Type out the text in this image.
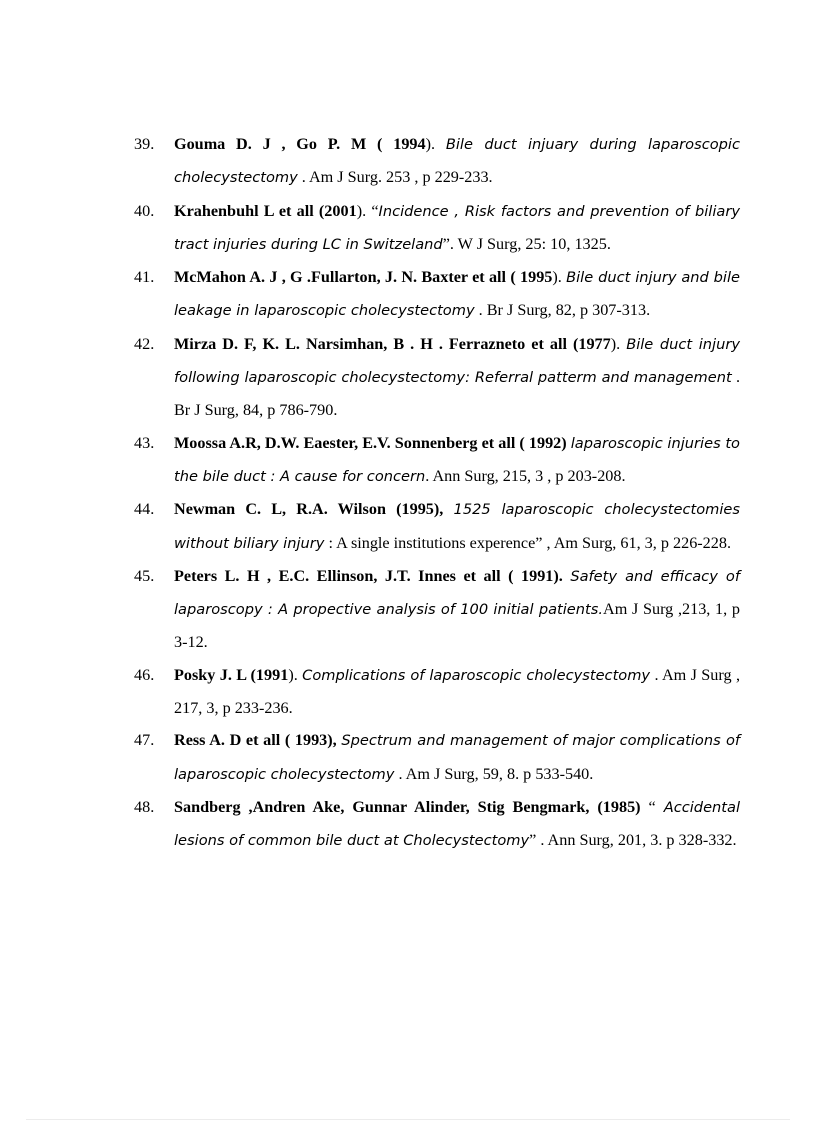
39.	Gouma D. J , Go P. M ( 1994). Bile duct injuary during laparoscopic cholecystectomy . Am J Surg. 253 , p 229-233.
40.	Krahenbuhl L et all (2001). “Incidence , Risk factors and prevention of biliary tract injuries during LC in Switzeland”. W J Surg, 25: 10, 1325.
41.	McMahon A. J , G .Fullarton, J. N. Baxter et all ( 1995). Bile duct injury and bile leakage in laparoscopic cholecystectomy . Br J Surg, 82, p 307-313.
42.	Mirza D. F, K. L. Narsimhan, B . H . Ferrazneto et all (1977). Bile duct injury following laparoscopic cholecystectomy: Referral patterm and management . Br J Surg, 84, p 786-790.
43.	Moossa A.R, D.W. Eaester, E.V. Sonnenberg et all ( 1992) laparoscopic injuries to the bile duct : A cause for concern. Ann Surg, 215, 3 , p 203-208.
44.	Newman C. L, R.A. Wilson (1995), 1525 laparoscopic cholecystectomies without biliary injury : A single institutions experence” , Am Surg, 61, 3, p 226-228.
45.	Peters L. H , E.C. Ellinson, J.T. Innes et all ( 1991). Safety and efficacy of laparoscopy : A propective analysis of 100 initial patients.Am J Surg ,213, 1, p 3-12.
46.	Posky J. L (1991). Complications of laparoscopic cholecystectomy . Am J Surg , 217, 3, p 233-236.
47.	Ress A. D et all ( 1993), Spectrum and management of major complications of laparoscopic cholecystectomy . Am J Surg, 59, 8. p 533-540.
48.	Sandberg ,Andren Ake, Gunnar Alinder, Stig Bengmark, (1985) “ Accidental lesions of common bile duct at Cholecystectomy” . Ann Surg, 201, 3. p 328-332.
